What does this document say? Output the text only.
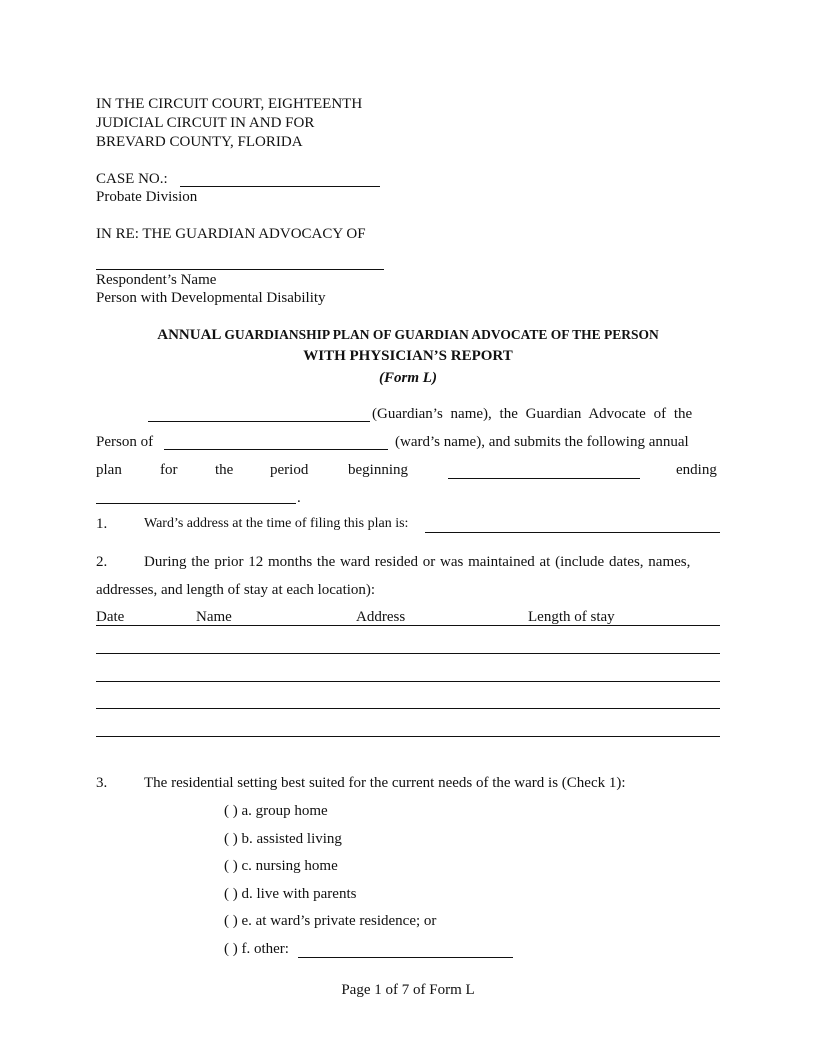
IN THE CIRCUIT COURT, EIGHTEENTH
JUDICIAL CIRCUIT IN AND FOR
BREVARD COUNTY, FLORIDA
CASE NO.:
Probate Division
IN RE: THE GUARDIAN ADVOCACY OF
Respondent’s Name
Person with Developmental Disability
ANNUAL GUARDIANSHIP PLAN OF GUARDIAN ADVOCATE OF THE PERSON
WITH PHYSICIAN’S REPORT
(Form L)
(Guardian’s name), the Guardian Advocate of the
Person of	(ward’s name), and submits the following annual
plan	for	the period	beginning	ending
.
1.	Ward’s address at the time of filing this plan is:
2. During the prior 12 months the ward resided or was maintained at (include dates, names,
addresses, and length of stay at each location):
Date	Name	Address	Length of stay
3. The residential setting best suited for the current needs of the ward is (Check 1):
( ) a. group home
( ) b. assisted living
( ) c. nursing home
( ) d. live with parents
( ) e. at ward’s private residence; or
( ) f. other:
Page 1 of 7 of Form L
